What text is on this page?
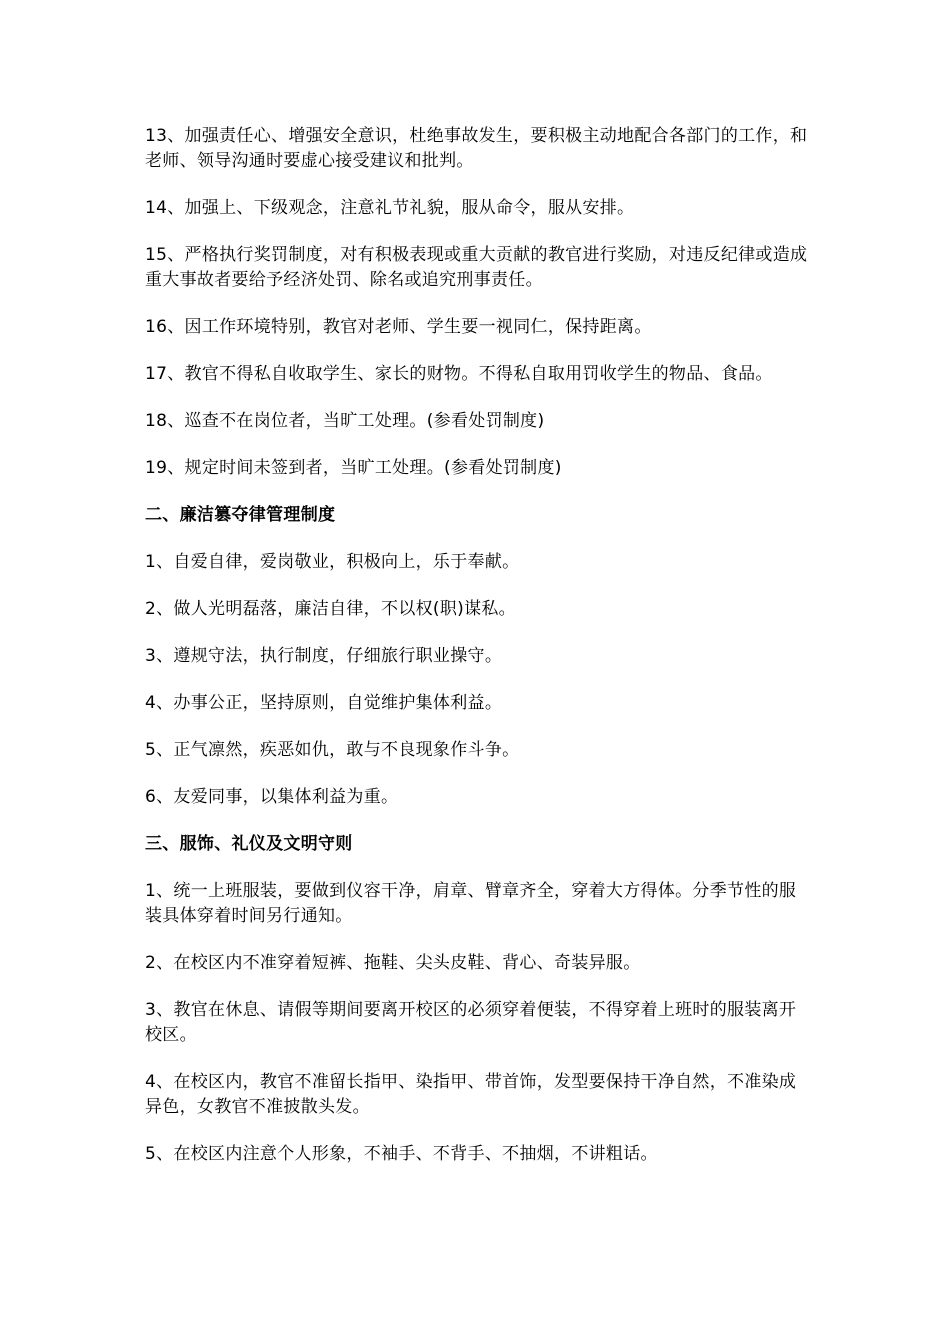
13、加强责任心、增强安全意识，杜绝事故发生，要积极主动地配合各部门的工作，和老师、领导沟通时要虚心接受建议和批判。

14、加强上、下级观念，注意礼节礼貌，服从命令，服从安排。

15、严格执行奖罚制度，对有积极表现或重大贡献的教官进行奖励，对违反纪律或造成重大事故者要给予经济处罚、除名或追究刑事责任。

16、因工作环境特别，教官对老师、学生要一视同仁，保持距离。

17、教官不得私自收取学生、家长的财物。不得私自取用罚收学生的物品、食品。

18、巡查不在岗位者，当旷工处理。(参看处罚制度)

19、规定时间未签到者，当旷工处理。(参看处罚制度)

二、廉洁篡夺律管理制度

1、自爱自律，爱岗敬业，积极向上，乐于奉献。

2、做人光明磊落，廉洁自律，不以权(职)谋私。

3、遵规守法，执行制度，仔细旅行职业操守。

4、办事公正，坚持原则，自觉维护集体利益。

5、正气凛然，疾恶如仇，敢与不良现象作斗争。

6、友爱同事，以集体利益为重。

三、服饰、礼仪及文明守则

1、统一上班服装，要做到仪容干净，肩章、臂章齐全，穿着大方得体。分季节性的服装具体穿着时间另行通知。

2、在校区内不准穿着短裤、拖鞋、尖头皮鞋、背心、奇装异服。

3、教官在休息、请假等期间要离开校区的必须穿着便装，不得穿着上班时的服装离开校区。

4、在校区内，教官不准留长指甲、染指甲、带首饰，发型要保持干净自然，不准染成异色，女教官不准披散头发。

5、在校区内注意个人形象，不袖手、不背手、不抽烟，不讲粗话。
